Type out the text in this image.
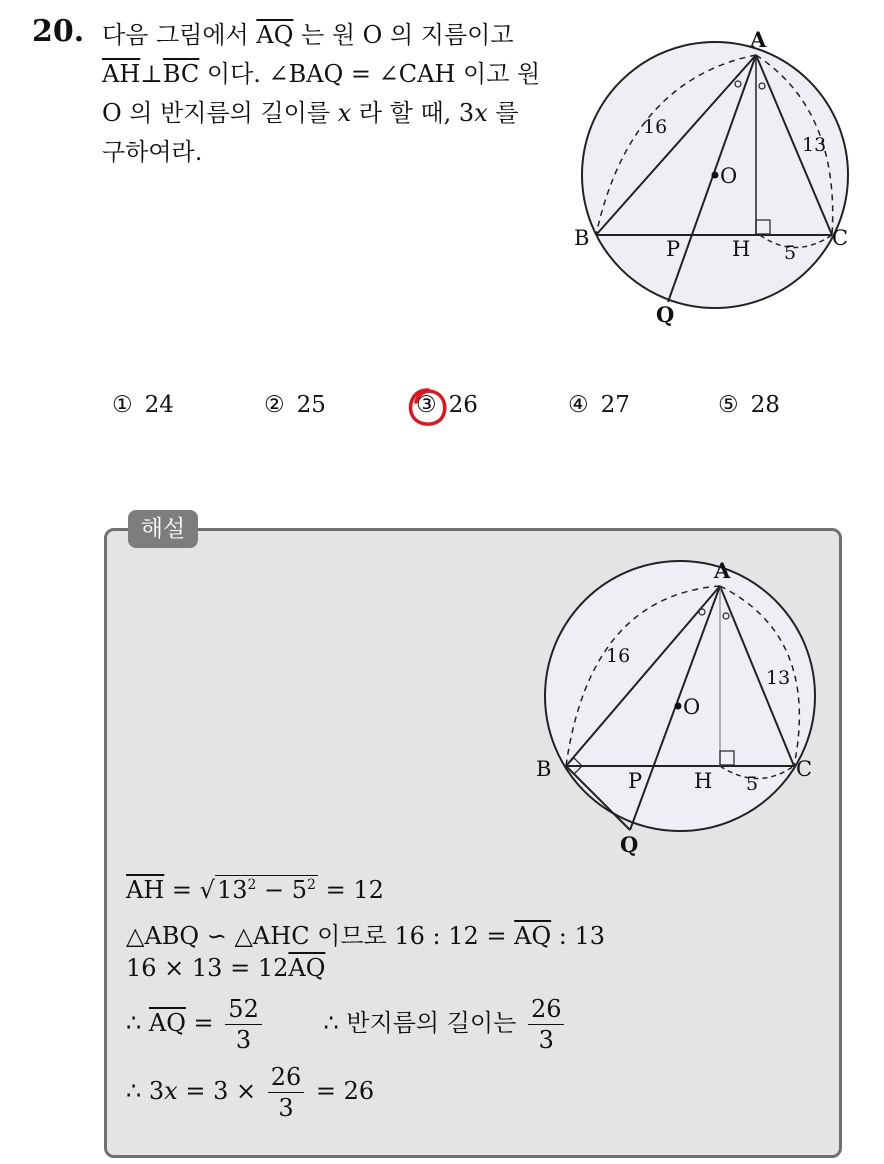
20. 다음 그림에서 $\overline{AQ}$ 는 원 O 의 지름이고
$\overline{AH}\perp\overline{BC}$ 이다. ∠BAQ = ∠CAH 이고 원
O 의 반지름의 길이를 x 라 할 때, 3x 를
구하여라.
A
B	C
H
P
Q
O
16
13
5
① 24	② 25	③ 26	④ 27	⑤ 28
해설
A
B	C
H
P
Q
O
16
13
5
$\overline{AH} = √13^2 - 5^2 = 12$
△ABQ ∽ △AHC 이므로 16 : $12 = \overline{AQ}$ : 13
$16 \times 13 = 12\overline{AQ}$
∴ $\overline{AQ} = \frac{52}{3}$	∴ 반지름의 길이는 $\frac{26}{3}$
∴ $3x = 3 \times \frac{26}{3} = 26$
